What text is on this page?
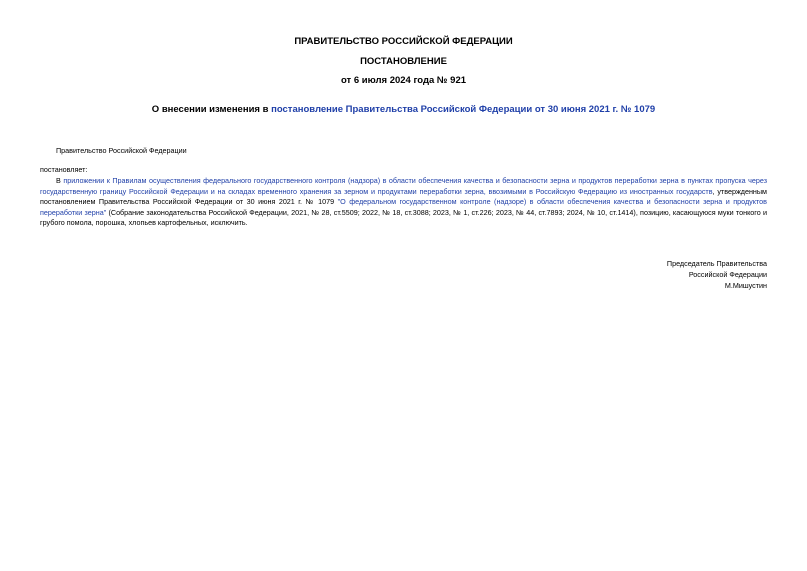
ПРАВИТЕЛЬСТВО РОССИЙСКОЙ ФЕДЕРАЦИИ
ПОСТАНОВЛЕНИЕ
от 6 июля 2024 года № 921
О внесении изменения в постановление Правительства Российской Федерации от 30 июня 2021 г. № 1079
Правительство Российской Федерации
постановляет:
В приложении к Правилам осуществления федерального государственного контроля (надзора) в области обеспечения качества и безопасности зерна и продуктов переработки зерна в пунктах пропуска через государственную границу Российской Федерации и на складах временного хранения за зерном и продуктами переработки зерна, ввозимыми в Российскую Федерацию из иностранных государств, утвержденным постановлением Правительства Российской Федерации от 30 июня 2021 г. № 1079 "О федеральном государственном контроле (надзоре) в области обеспечения качества и безопасности зерна и продуктов переработки зерна" (Собрание законодательства Российской Федерации, 2021, № 28, ст.5509; 2022, № 18, ст.3088; 2023, № 1, ст.226; 2023, № 44, ст.7893; 2024, № 10, ст.1414), позицию, касающуюся муки тонкого и грубого помола, порошка, хлопьев картофельных, исключить.
Председатель Правительства
Российской Федерации
М.Мишустин
